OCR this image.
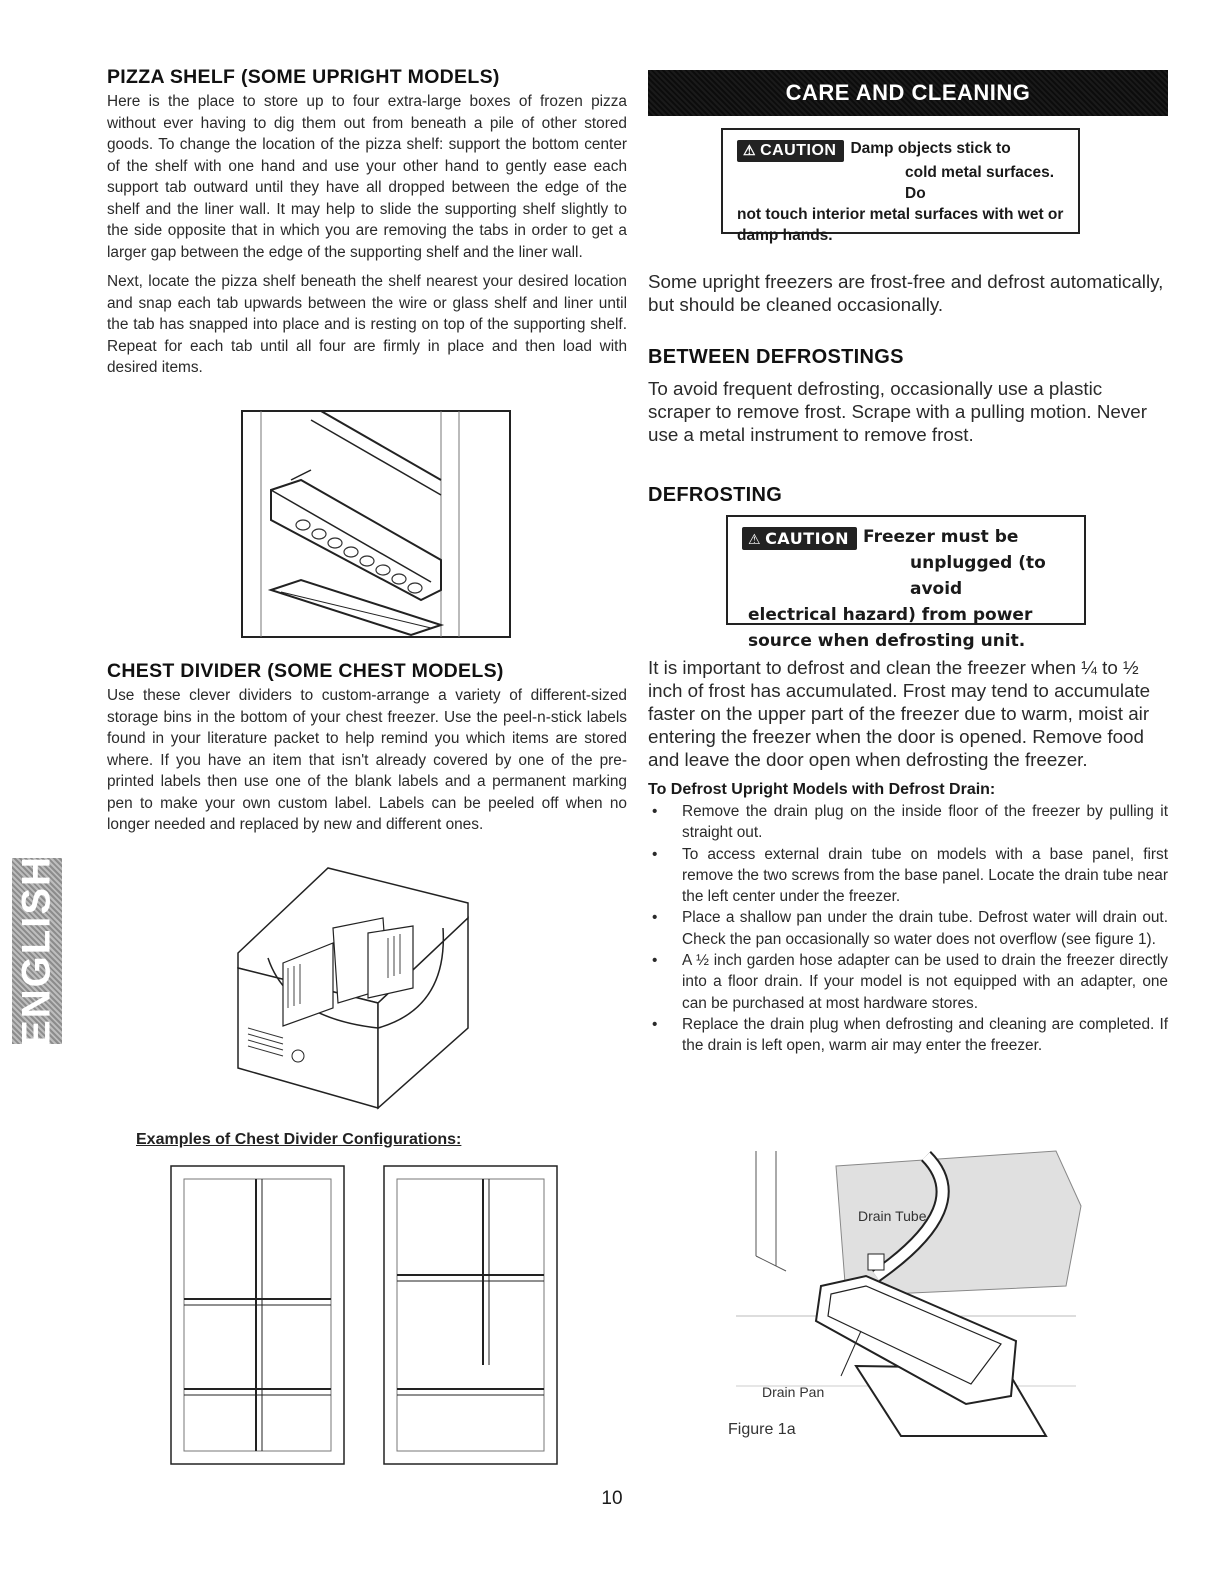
PIZZA SHELF (SOME UPRIGHT MODELS)

Here is the place to store up to four extra-large boxes of frozen pizza without ever having to dig them out from beneath a pile of other stored goods. To change the location of the pizza shelf: support the bottom center of the shelf with one hand and use your other hand to gently ease each support tab outward until they have all dropped between the edge of the shelf and the liner wall. It may help to slide the supporting shelf slightly to the side opposite that in which you are removing the tabs in order to get a larger gap between the edge of the supporting shelf and the liner wall.

Next, locate the pizza shelf beneath the shelf nearest your desired location and snap each tab upwards between the wire or glass shelf and liner until the tab has snapped into place and is resting on top of the supporting shelf. Repeat for each tab until all four are firmly in place and then load with desired items.

CHEST DIVIDER (SOME CHEST MODELS)

Use these clever dividers to custom-arrange a variety of different-sized storage bins in the bottom of your chest freezer. Use the peel-n-stick labels found in your literature packet to help remind you which items are stored where. If you have an item that isn't already covered by one of the pre-printed labels then use one of the blank labels and a permanent marking pen to make your own custom label. Labels can be peeled off when no longer needed and replaced by new and different ones.

Examples of Chest Divider Configurations:
ENGLISH
CARE AND CLEANING
⚠ CAUTION Damp objects stick to
cold metal surfaces. Do
not touch interior metal surfaces with wet or damp hands.

Some upright freezers are frost-free and defrost automatically, but should be cleaned occasionally.

BETWEEN DEFROSTINGS

To avoid frequent defrosting, occasionally use a plastic scraper to remove frost. Scrape with a pulling motion. Never use a metal instrument to remove frost.

DEFROSTING
⚠ CAUTION Freezer must be
unplugged (to avoid
electrical hazard) from power source when defrosting unit.

It is important to defrost and clean the freezer when ¼ to ½ inch of frost has accumulated. Frost may tend to accumulate faster on the upper part of the freezer due to warm, moist air entering the freezer when the door is opened. Remove food and leave the door open when defrosting the freezer.

To Defrost Upright Models with Defrost Drain:
• Remove the drain plug on the inside floor of the freezer by pulling it straight out.
• To access external drain tube on models with a base panel, first remove the two screws from the base panel. Locate the drain tube near the left center under the freezer.
• Place a shallow pan under the drain tube. Defrost water will drain out. Check the pan occasionally so water does not overflow (see figure 1).
• A ½ inch garden hose adapter can be used to drain the freezer directly into a floor drain. If your model is not equipped with an adapter, one can be purchased at most hardware stores.
• Replace the drain plug when defrosting and cleaning are completed. If the drain is left open, warm air may enter the freezer.
Drain Tube
Drain Pan
Figure 1a
10
